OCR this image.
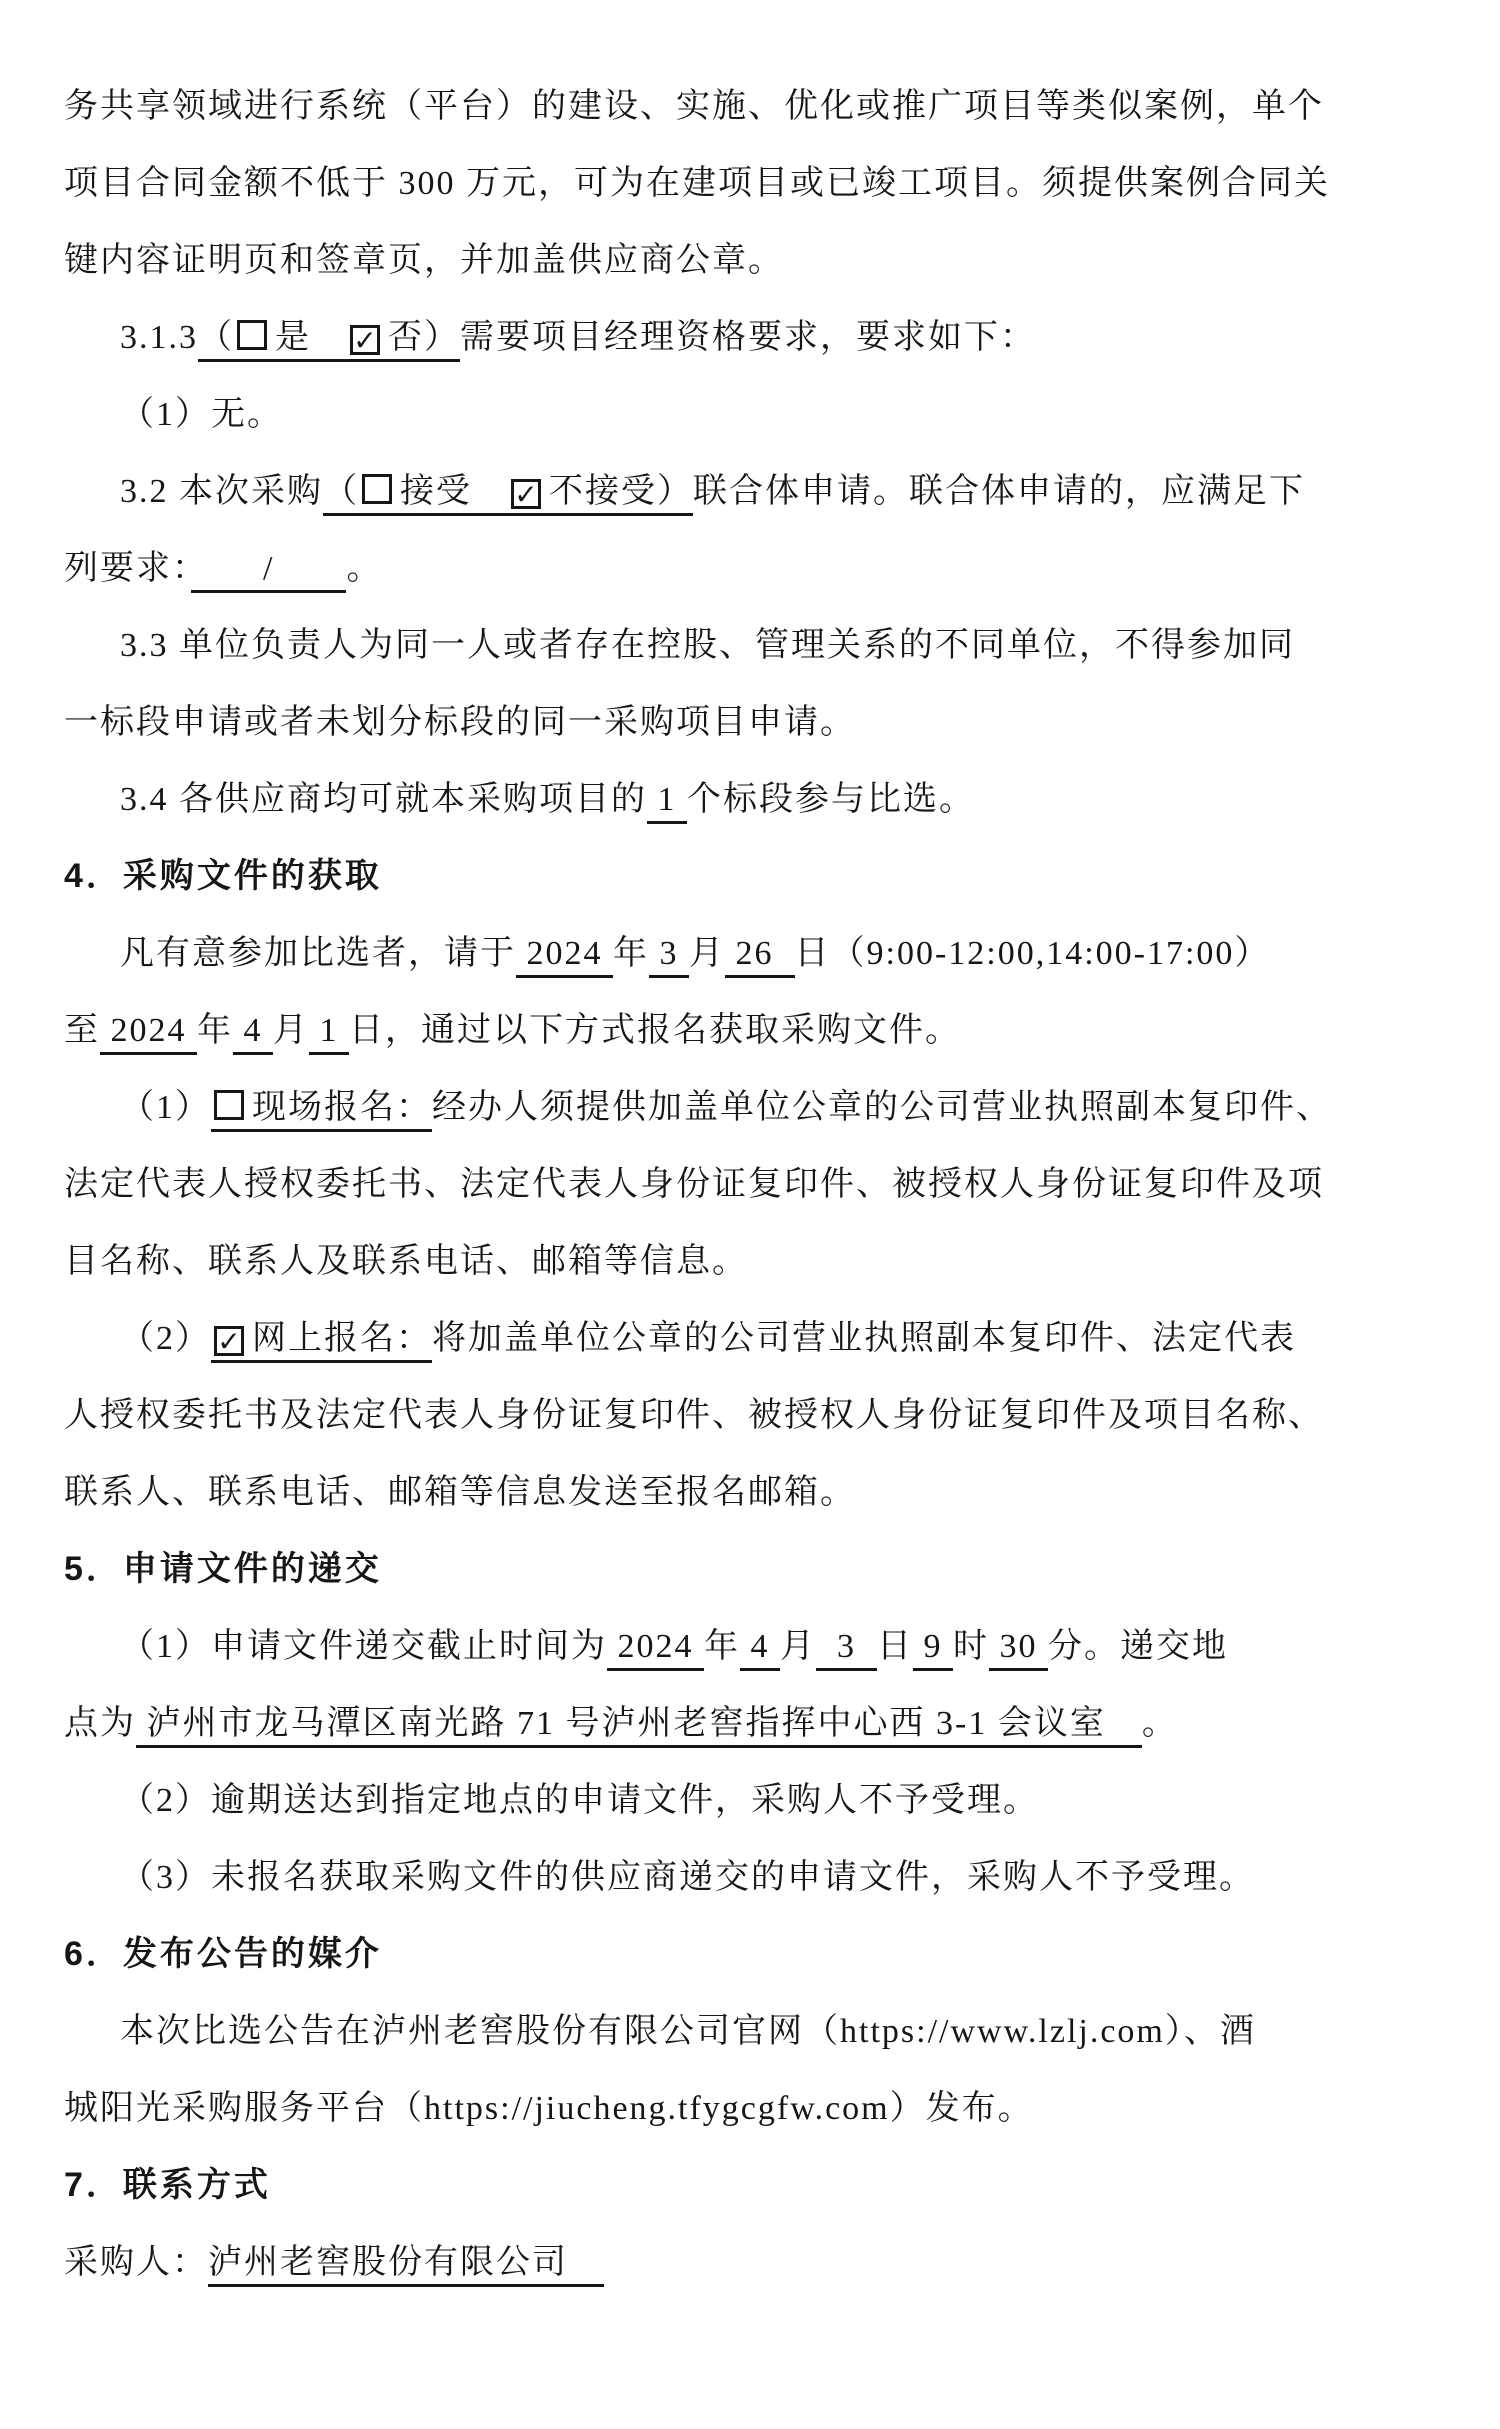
务共享领域进行系统（平台）的建设、实施、优化或推广项目等类似案例，单个
项目合同金额不低于 300 万元，可为在建项目或已竣工项目。须提供案例合同关
键内容证明页和签章页，并加盖供应商公章。
3.1.3（ 是　✓ 否）需要项目经理资格要求，要求如下：
（1）无。
3.2 本次采购（ 接受　✓ 不接受）联合体申请。联合体申请的，应满足下
列要求：　　/　　。
3.3 单位负责人为同一人或者存在控股、管理关系的不同单位，不得参加同
一标段申请或者未划分标段的同一采购项目申请。
3.4 各供应商均可就本采购项目的 1 个标段参与比选。
4．采购文件的获取
凡有意参加比选者，请于 2024 年 3 月 26  日（9:00-12:00,14:00-17:00）
至 2024 年 4 月 1 日，通过以下方式报名获取采购文件。
（1） 现场报名：经办人须提供加盖单位公章的公司营业执照副本复印件、
法定代表人授权委托书、法定代表人身份证复印件、被授权人身份证复印件及项
目名称、联系人及联系电话、邮箱等信息。
（2） ✓ 网上报名：将加盖单位公章的公司营业执照副本复印件、法定代表
人授权委托书及法定代表人身份证复印件、被授权人身份证复印件及项目名称、
联系人、联系电话、邮箱等信息发送至报名邮箱。
5．申请文件的递交
（1）申请文件递交截止时间为 2024 年 4 月  3  日 9 时 30 分。递交地
点为 泸州市龙马潭区南光路 71 号泸州老窖指挥中心西 3-1 会议室　。
（2）逾期送达到指定地点的申请文件，采购人不予受理。
（3）未报名获取采购文件的供应商递交的申请文件，采购人不予受理。
6．发布公告的媒介
本次比选公告在泸州老窖股份有限公司官网（https://www.lzlj.com）、酒
城阳光采购服务平台（https://jiucheng.tfygcgfw.com）发布。
7．联系方式
采购人：泸州老窖股份有限公司　
